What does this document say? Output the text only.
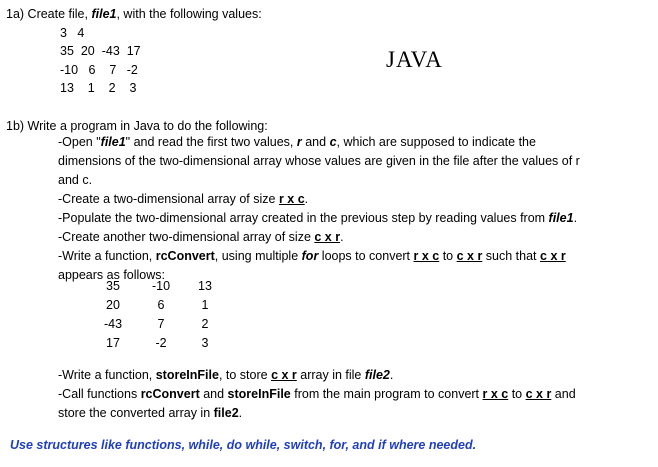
1a) Create file, file1, with the following values:
3   4
35  20  -43  17
-10   6    7   -2
13    1    2    3
JAVA
1b) Write a program in Java to do the following:

-Open "file1" and read the first two values, r and c, which are supposed to indicate the

dimensions of the two-dimensional array whose values are given in the file after the values of r

and c.

-Create a two-dimensional array of size r x c.

-Populate the two-dimensional array created in the previous step by reading values from file1.

-Create another two-dimensional array of size c x r.

-Write a function, rcConvert, using multiple for loops to convert r x c to c x r such that c x r

appears as follows:

35	-10	13
20	6	1
-43	7	2
17	-2	3

-Write a function, storeInFile, to store c x r array in file file2.

-Call functions rcConvert and storeInFile from the main program to convert r x c to c x r and

store the converted array in file2.

Use structures like functions, while, do while, switch, for, and if where needed.
